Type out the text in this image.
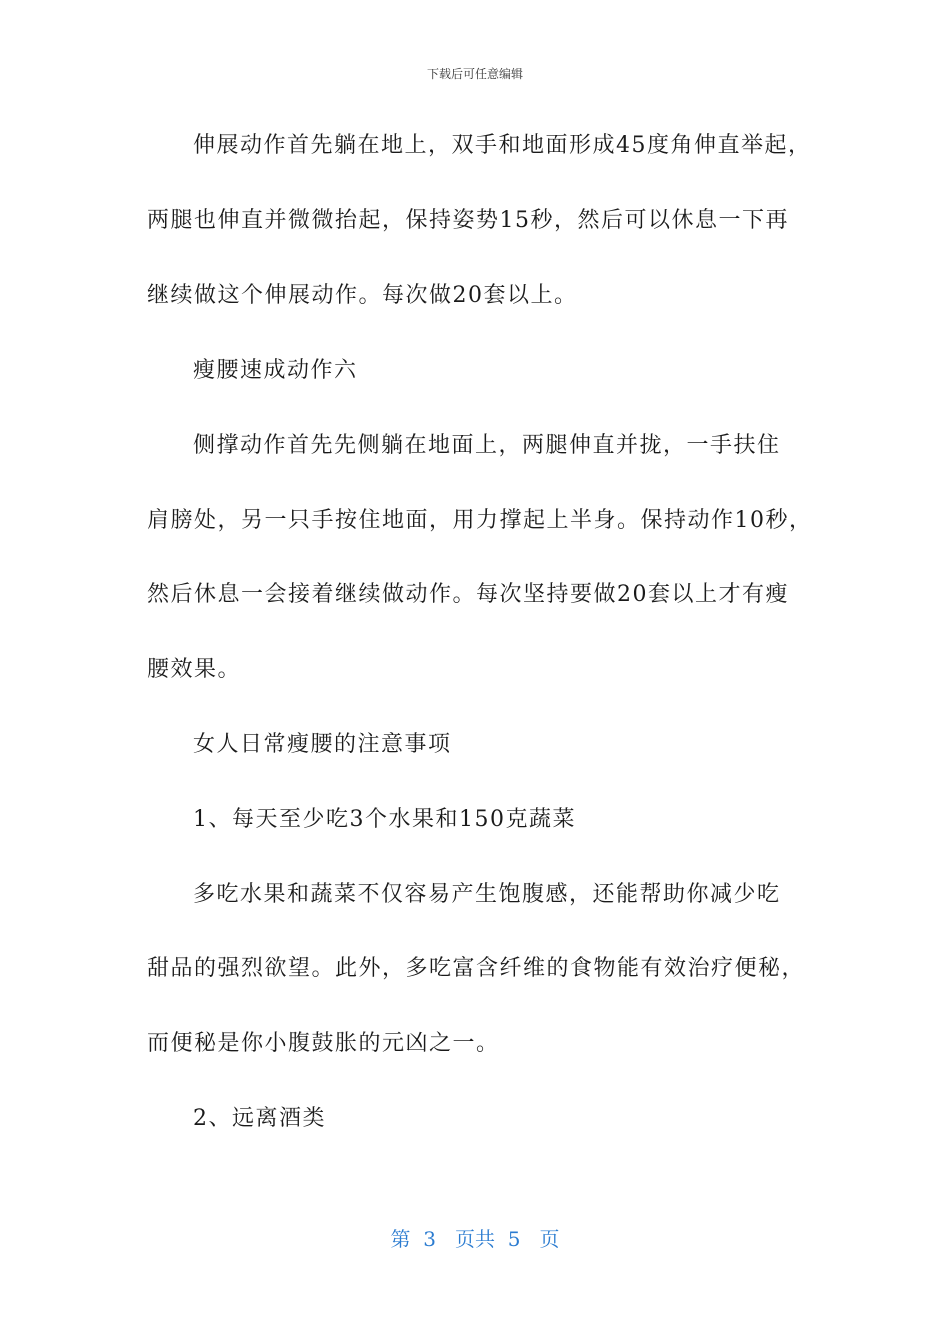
下载后可任意编辑
伸展动作首先躺在地上，双手和地面形成45度角伸直举起，
两腿也伸直并微微抬起，保持姿势15秒，然后可以休息一下再
继续做这个伸展动作。每次做20套以上。
瘦腰速成动作六
侧撑动作首先先侧躺在地面上，两腿伸直并拢，一手扶住
肩膀处，另一只手按住地面，用力撑起上半身。保持动作10秒，
然后休息一会接着继续做动作。每次坚持要做20套以上才有瘦
腰效果。
女人日常瘦腰的注意事项
1、每天至少吃3个水果和150克蔬菜
多吃水果和蔬菜不仅容易产生饱腹感，还能帮助你减少吃
甜品的强烈欲望。此外，多吃富含纤维的食物能有效治疗便秘，
而便秘是你小腹鼓胀的元凶之一。
2、远离酒类
第  3   页共  5   页
